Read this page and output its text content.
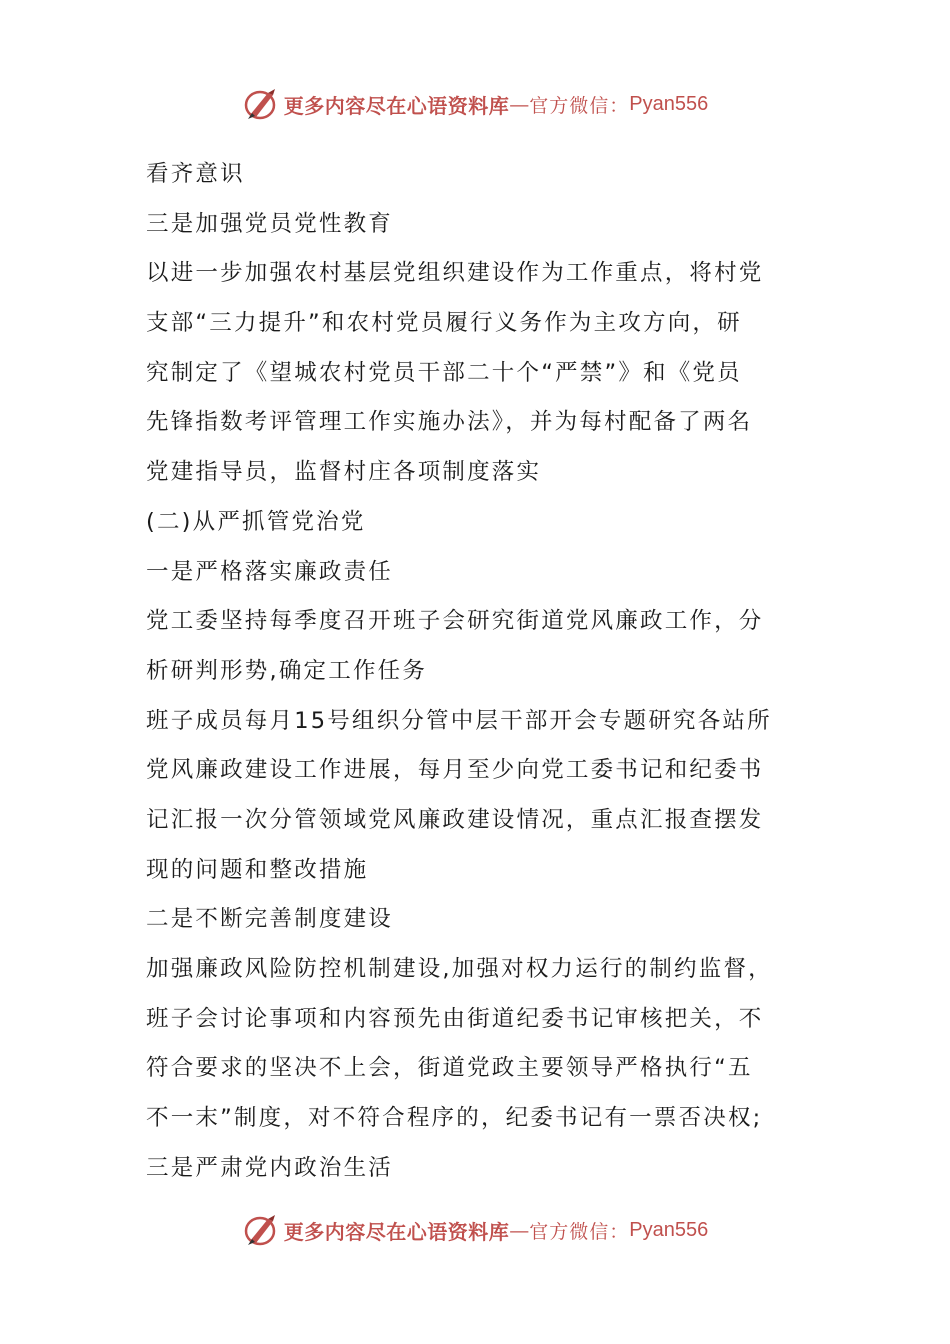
更多内容尽在心语资料库 — 官方微信： Pyan556
看齐意识
三是加强党员党性教育
以进一步加强农村基层党组织建设作为工作重点，将村党
支部“三力提升”和农村党员履行义务作为主攻方向，研
究制定了《望城农村党员干部二十个“严禁”》和《党员
先锋指数考评管理工作实施办法》，并为每村配备了两名
党建指导员，监督村庄各项制度落实
(二)从严抓管党治党
一是严格落实廉政责任
党工委坚持每季度召开班子会研究街道党风廉政工作，分
析研判形势,确定工作任务
班子成员每月15号组织分管中层干部开会专题研究各站所
党风廉政建设工作进展，每月至少向党工委书记和纪委书
记汇报一次分管领域党风廉政建设情况，重点汇报查摆发
现的问题和整改措施
二是不断完善制度建设
加强廉政风险防控机制建设,加强对权力运行的制约监督，
班子会讨论事项和内容预先由街道纪委书记审核把关，不
符合要求的坚决不上会，街道党政主要领导严格执行“五
不一末”制度，对不符合程序的，纪委书记有一票否决权;
三是严肃党内政治生活
更多内容尽在心语资料库 — 官方微信： Pyan556
